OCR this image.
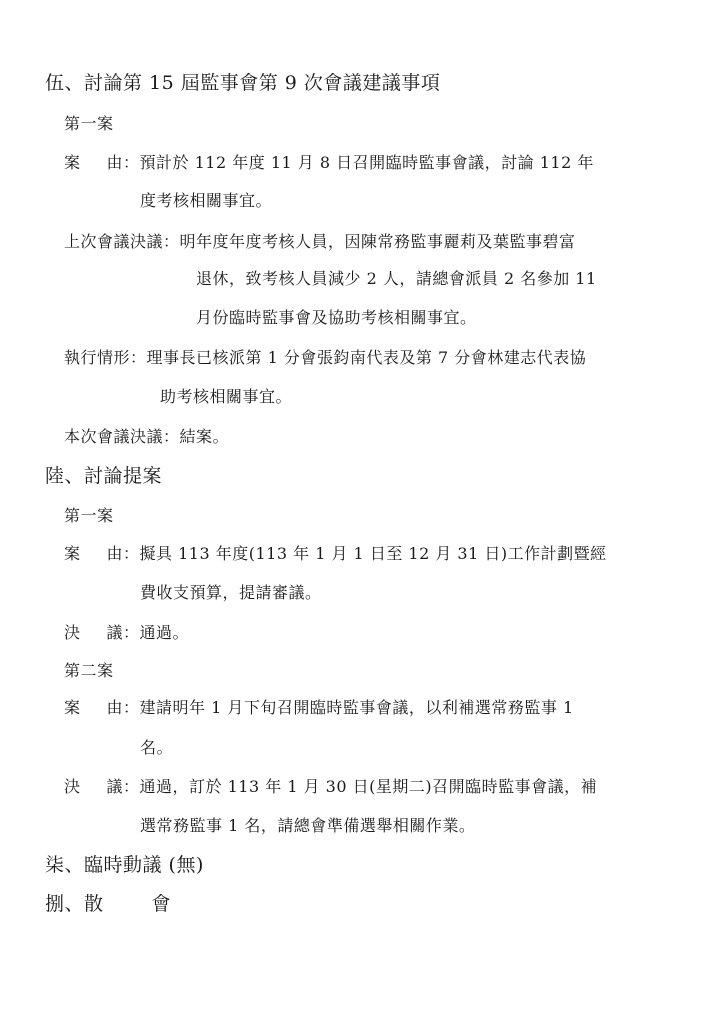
伍、討論第 15 屆監事會第 9 次會議建議事項
第一案
案 由：預計於 112 年度 11 月 8 日召開臨時監事會議，討論 112 年
度考核相關事宜。
上次會議決議：明年度年度考核人員，因陳常務監事麗莉及葉監事碧富
退休，致考核人員減少 2 人，請總會派員 2 名參加 11
月份臨時監事會及協助考核相關事宜。
執行情形：理事長已核派第 1 分會張鈞南代表及第 7 分會林建志代表協
助考核相關事宜。
本次會議決議：結案。
陸、討論提案
第一案
案 由：擬具 113 年度(113 年 1 月 1 日至 12 月 31 日)工作計劃暨經
費收支預算，提請審議。
決 議：通過。
第二案
案 由：建請明年 1 月下旬召開臨時監事會議，以利補選常務監事 1
名。
決 議：通過，訂於 113 年 1 月 30 日(星期二)召開臨時監事會議，補
選常務監事 1 名，請總會準備選舉相關作業。
柒、臨時動議 (無)
捌、散	會
